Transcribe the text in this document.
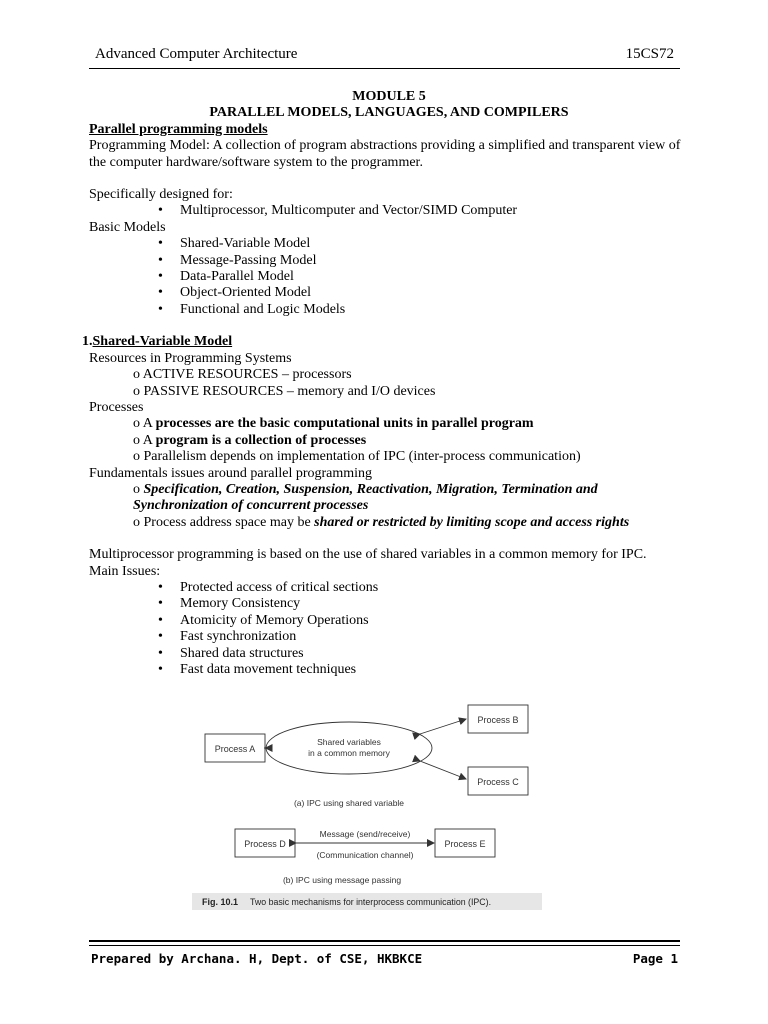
Advanced Computer Architecture	15CS72
MODULE 5
PARALLEL MODELS, LANGUAGES, AND COMPILERS
Parallel programming models
Programming Model: A collection of program abstractions providing a simplified and transparent view of the computer hardware/software system to the programmer.
Specifically designed for:
• Multiprocessor, Multicomputer and Vector/SIMD Computer
Basic Models
• Shared-Variable Model
• Message-Passing Model
• Data-Parallel Model
• Object-Oriented Model
• Functional and Logic Models
1.Shared-Variable Model
Resources in Programming Systems
o ACTIVE RESOURCES – processors
o PASSIVE RESOURCES – memory and I/O devices
Processes
o A processes are the basic computational units in parallel program
o A program is a collection of processes
o Parallelism depends on implementation of IPC (inter-process communication)
Fundamentals issues around parallel programming
o Specification, Creation, Suspension, Reactivation, Migration, Termination and
Synchronization of concurrent processes
o Process address space may be shared or restricted by limiting scope and access rights
Multiprocessor programming is based on the use of shared variables in a common memory for IPC.
Main Issues:
• Protected access of critical sections
• Memory Consistency
• Atomicity of Memory Operations
• Fast synchronization
• Shared data structures
• Fast data movement techniques
Process A
Shared variables
in a common memory
Process B
Process C
(a) IPC using shared variable
Process D	Process E
Message (send/receive)
(Communication channel)
(b) IPC using message passing
Fig. 10.1 Two basic mechanisms for interprocess communication (IPC).
Prepared by Archana. H, Dept. of CSE, HKBKCE	Page 1
